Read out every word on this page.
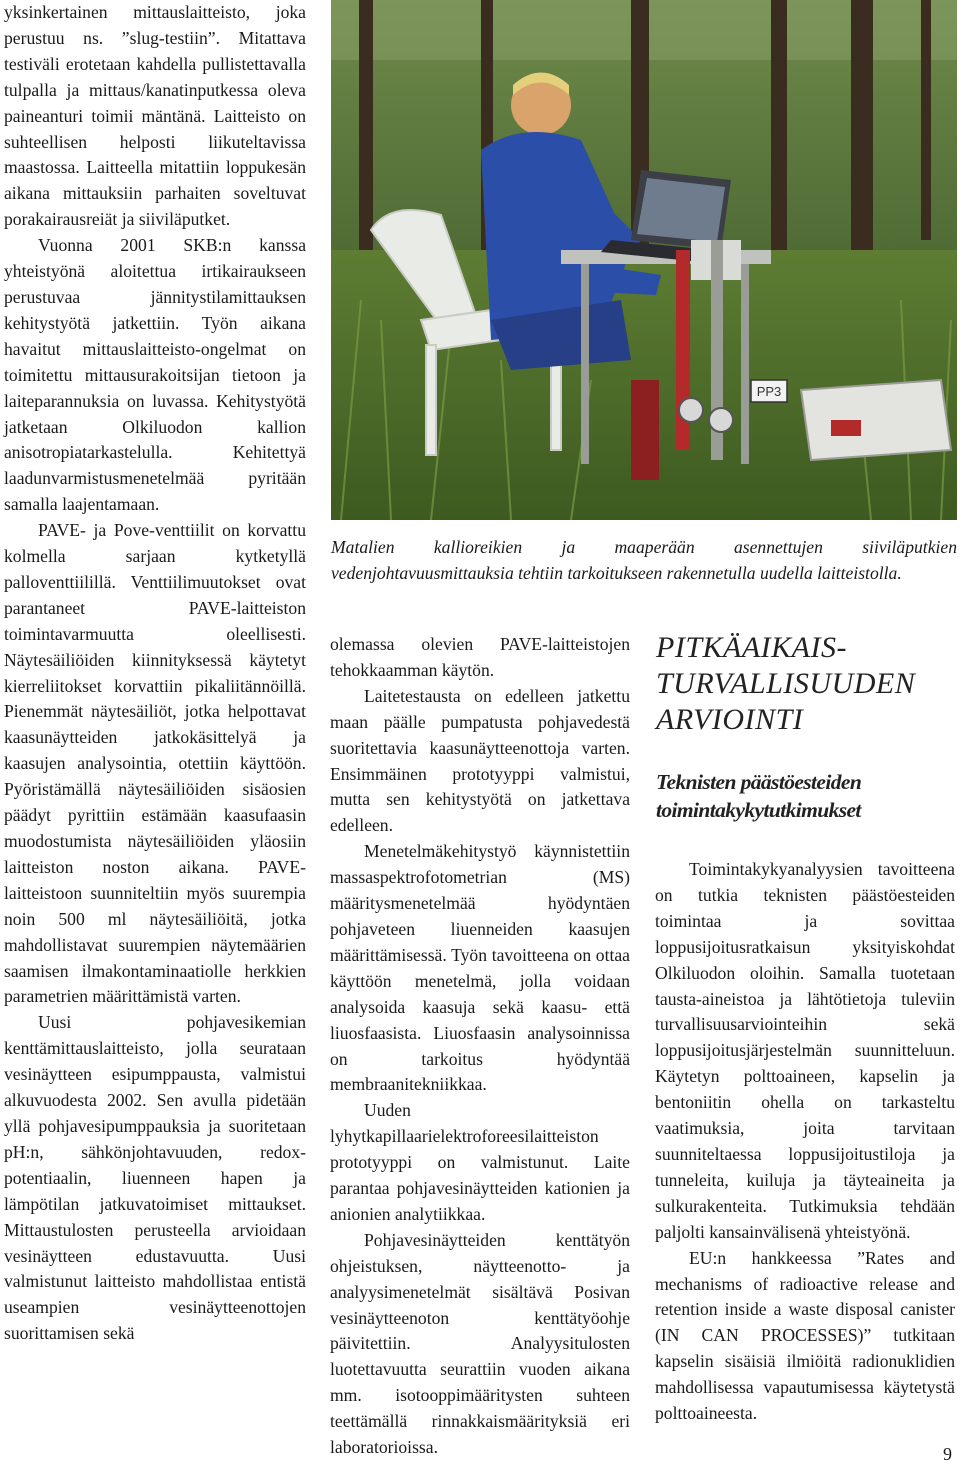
yksinkertainen mittauslaitteisto, joka perustuu ns. ”slug-testiin”. Mitattava testiväli erotetaan kahdella pullistettavalla tulpalla ja mittaus/kanatinputkessa oleva paineanturi toimii mäntänä. Laitteisto on suhteellisen helposti liikuteltavissa maastossa. Laitteella mitattiin loppukesän aikana mittauksiin parhaiten soveltuvat porakairausreiät ja siiviläputket.

Vuonna 2001 SKB:n kanssa yhteistyönä aloitettua irtikairaukseen perustuvaa jännitystilamittauksen kehitystyötä jatkettiin. Työn aikana havaitut mittauslaitteisto-ongelmat on toimitettu mittausurakoitsijan tietoon ja laiteparannuksia on luvassa. Kehitystyötä jatketaan Olkiluodon kallion anisotropiatarkastelulla. Kehitettyä laadunvarmistusmenetelmää pyritään samalla laajentamaan.

PAVE- ja Pove-venttiilit on korvattu kolmella sarjaan kytketyllä palloventtiilillä. Venttiilimuutokset ovat parantaneet PAVE-laitteiston toimintavarmuutta oleellisesti. Näytesäiliöiden kiinnityksessä käytetyt kierreliitokset korvattiin pikaliitännöillä. Pienemmät näytesäiliöt, jotka helpottavat kaasunäytteiden jatkokäsittelyä ja kaasujen analysointia, otettiin käyttöön. Pyöristämällä näytesäiliöiden sisäosien päädyt pyrittiin estämään kaasufaasin muodostumista näytesäiliöiden yläosiin laitteiston noston aikana. PAVE-laitteistoon suunniteltiin myös suurempia noin 500 ml näytesäiliöitä, jotka mahdollistavat suurempien näytemäärien saamisen ilmakontaminaatiolle herkkien parametrien määrittämistä varten.

Uusi pohjavesikemian kenttämittauslaitteisto, jolla seurataan vesinäytteen esipumppausta, valmistui alkuvuodesta 2002. Sen avulla pidetään yllä pohjavesipumppauksia ja suoritetaan pH:n, sähkönjohtavuuden, redox-potentiaalin, liuenneen hapen ja lämpötilan jatkuvatoimiset mittaukset. Mittaustulosten perusteella arvioidaan vesinäytteen edustavuutta. Uusi valmistunut laitteisto mahdollistaa entistä useampien vesinäytteenottojen suorittamisen sekä

PP3
Matalien kallioreikien ja maaperään asennettujen siiviläputkien vedenjohtavuusmittauksia tehtiin tarkoitukseen rakennetulla uudella laitteistolla.

olemassa olevien PAVE-laitteistojen tehokkaamman käytön.

Laitetestausta on edelleen jatkettu maan päälle pumpatusta pohjavedestä suoritettavia kaasunäytteenottoja varten. Ensimmäinen prototyyppi valmistui, mutta sen kehitystyötä on jatkettava edelleen.

Menetelmäkehitystyö käynnistettiin massaspektrofotometrian (MS) määritysmenetelmää hyödyntäen pohjaveteen liuenneiden kaasujen määrittämisessä. Työn tavoitteena on ottaa käyttöön menetelmä, jolla voidaan analysoida kaasuja sekä kaasu- että liuosfaasista. Liuosfaasin analysoinnissa on tarkoitus hyödyntää membraanitekniikkaa.

Uuden lyhytkapillaarielektroforeesilaitteiston prototyyppi on valmistunut. Laite parantaa pohjavesinäytteiden kationien ja anionien analytiikkaa.

Pohjavesinäytteiden kenttätyön ohjeistuksen, näytteenotto- ja analyysimenetelmät sisältävä Posivan vesinäytteenoton kenttätyöohje päivitettiin. Analyysitulosten luotettavuutta seurattiin vuoden aikana mm. isotooppimääritysten suhteen teettämällä rinnakkaismäärityksiä eri laboratorioissa.

PITKÄAIKAIS-
TURVALLISUUDEN
ARVIOINTI
Teknisten päästöesteiden
toimintakykytutkimukset

Toimintakykyanalyysien tavoitteena on tutkia teknisten päästöesteiden toimintaa ja sovittaa loppusijoitusratkaisun yksityiskohdat Olkiluodon oloihin. Samalla tuotetaan tausta-aineistoa ja lähtötietoja tuleviin turvallisuusarviointeihin sekä loppusijoitusjärjestelmän suunnitteluun. Käytetyn polttoaineen, kapselin ja bentoniitin ohella on tarkasteltu vaatimuksia, joita tarvitaan suunniteltaessa loppusijoitustiloja ja tunneleita, kuiluja ja täyteaineita ja sulkurakenteita. Tutkimuksia tehdään paljolti kansainvälisenä yhteistyönä.

EU:n hankkeessa ”Rates and mechanisms of radioactive release and retention inside a waste disposal canister (IN CAN PROCESSES)” tutkitaan kapselin sisäisiä ilmiöitä radionuklidien mahdollisessa vapautumisessa käytetystä polttoaineesta.

9
